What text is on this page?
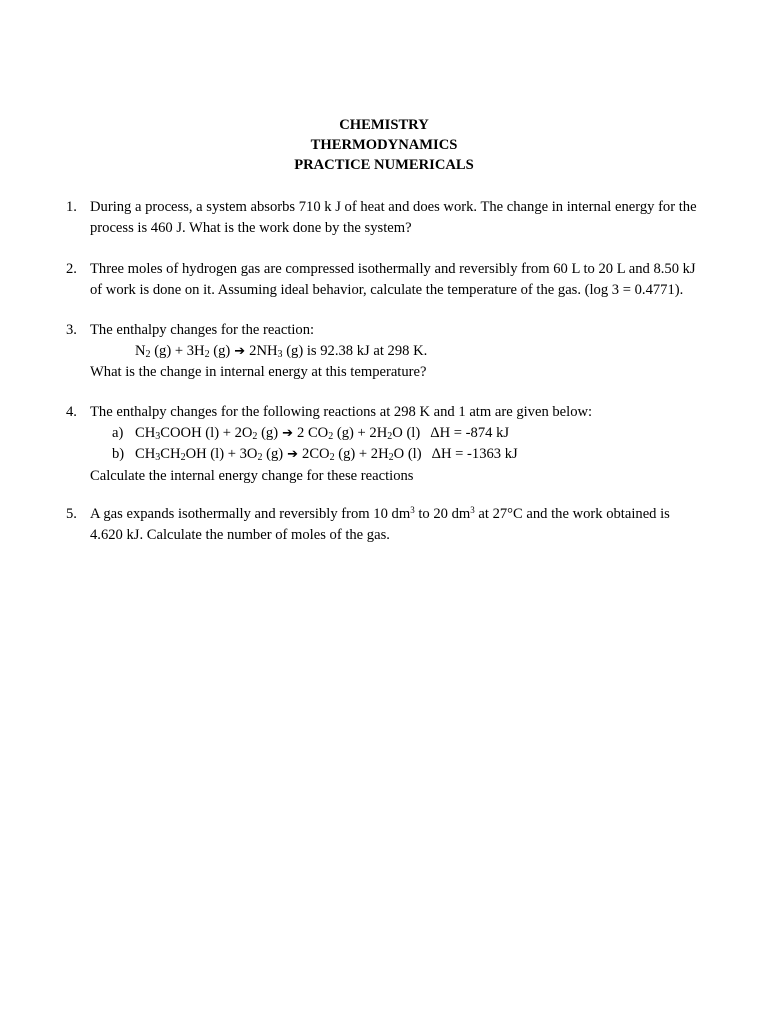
CHEMISTRY
THERMODYNAMICS
PRACTICE NUMERICALS
1. During a process, a system absorbs 710 k J of heat and does work. The change in internal energy for the
process is 460 J. What is the work done by the system?
2. Three moles of hydrogen gas are compressed isothermally and reversibly from 60 L to 20 L and 8.50 kJ
of work is done on it. Assuming ideal behavior, calculate the temperature of the gas. (log 3 = 0.4771).
3. The enthalpy changes for the reaction:
$N_2$ $(g) + 3H_2$ (g) ➔ $2NH_3$ (g) is 92.38 kJ at 298 K.
What is the change in internal energy at this temperature?
4. The enthalpy changes for the following reactions at 298 K and 1 atm are given below:
a) $CH_3COOH$ $(l) + 2O_2$ (g) ➔ 2 $CO_2$ $(g) + 2H_2O$ (l) ΔH = -874 kJ
b) $CH_3CH_2OH$ $(l) + 3O_2$ (g) ➔ $2CO_2$ $(g) + 2H_2O$ (l) ΔH = -1363 kJ
Calculate the internal energy change for these reactions
5. A gas expands isothermally and reversibly from 10 $dm^3$ to 20 $dm^3$ at 27°C and the work obtained is
4.620 kJ. Calculate the number of moles of the gas.
